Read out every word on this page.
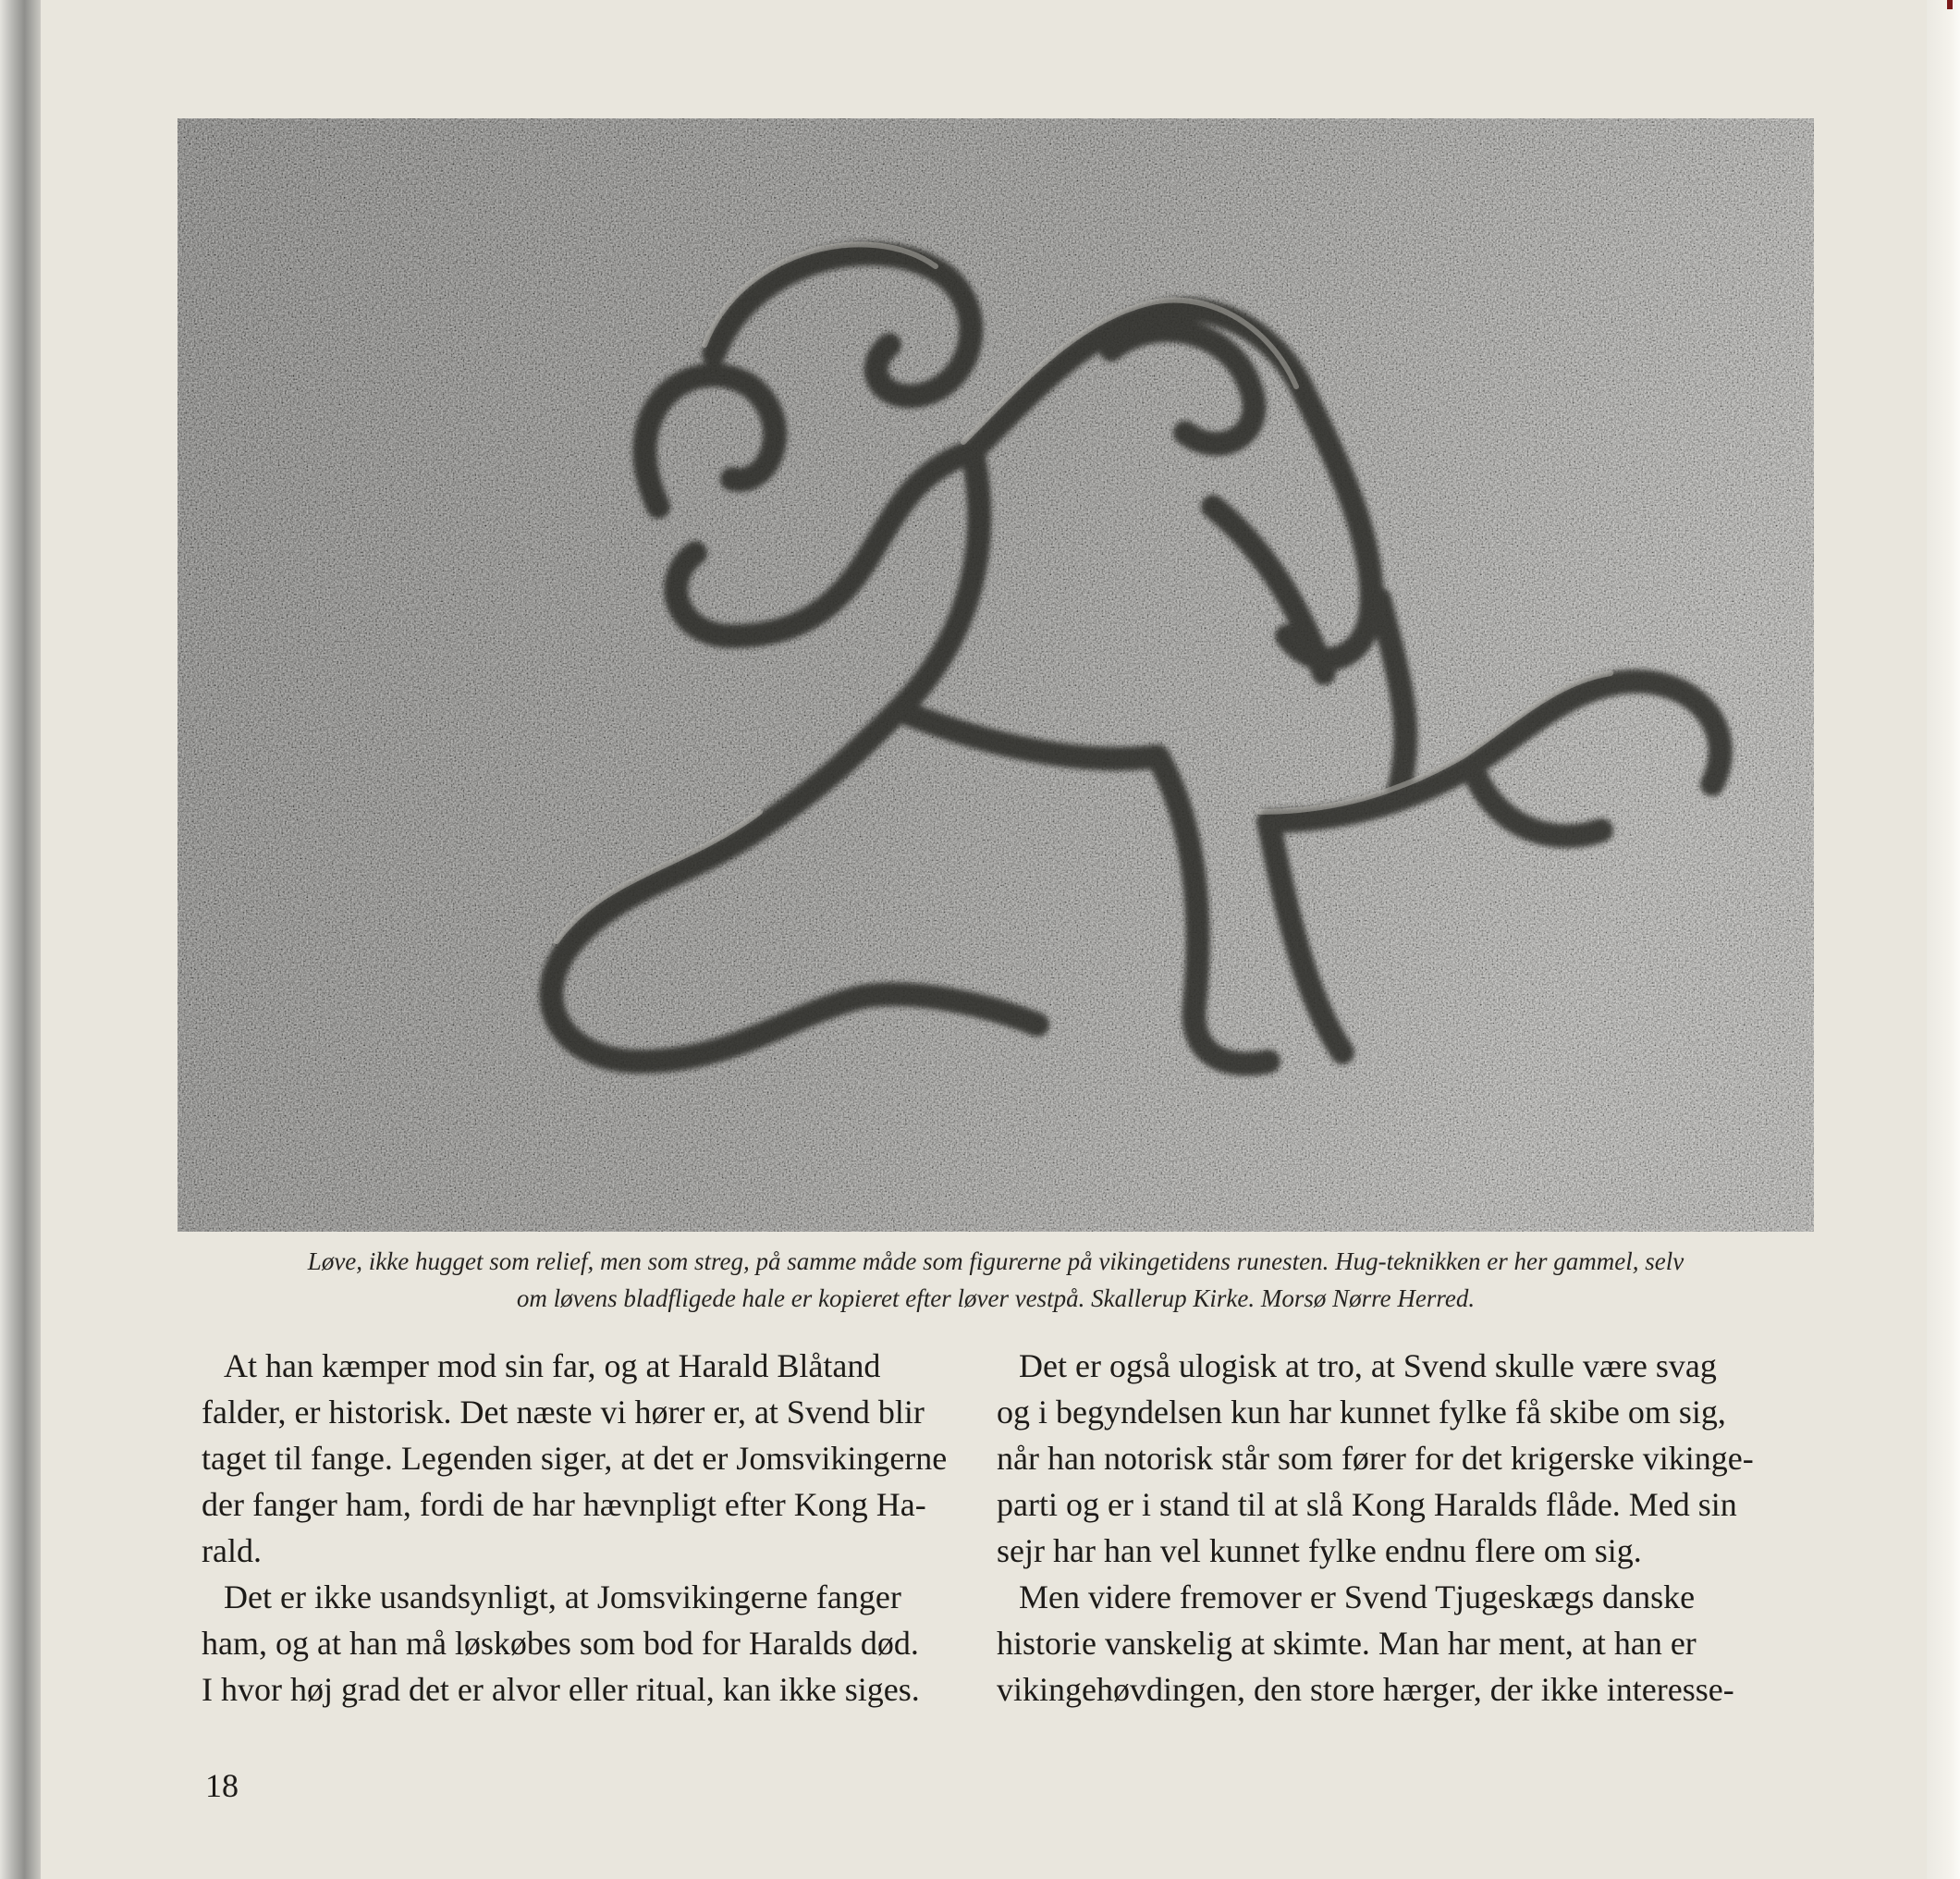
Løve, ikke hugget som relief, men som streg, på samme måde som figurerne på vikingetidens runesten. Hug-teknikken er her gammel, selv

om løvens bladfligede hale er kopieret efter løver vestpå. Skallerup Kirke. Morsø Nørre Herred.

At han kæmper mod sin far, og at Harald Blåtand

falder, er historisk. Det næste vi hører er, at Svend blir

taget til fange. Legenden siger, at det er Jomsvikingerne

der fanger ham, fordi de har hævnpligt efter Kong Ha-

rald.

Det er ikke usandsynligt, at Jomsvikingerne fanger

ham, og at han må løskøbes som bod for Haralds død.

I hvor høj grad det er alvor eller ritual, kan ikke siges.

Det er også ulogisk at tro, at Svend skulle være svag

og i begyndelsen kun har kunnet fylke få skibe om sig,

når han notorisk står som fører for det krigerske vikinge-

parti og er i stand til at slå Kong Haralds flåde. Med sin

sejr har han vel kunnet fylke endnu flere om sig.

Men videre fremover er Svend Tjugeskægs danske

historie vanskelig at skimte. Man har ment, at han er

vikingehøvdingen, den store hærger, der ikke interesse-

18
